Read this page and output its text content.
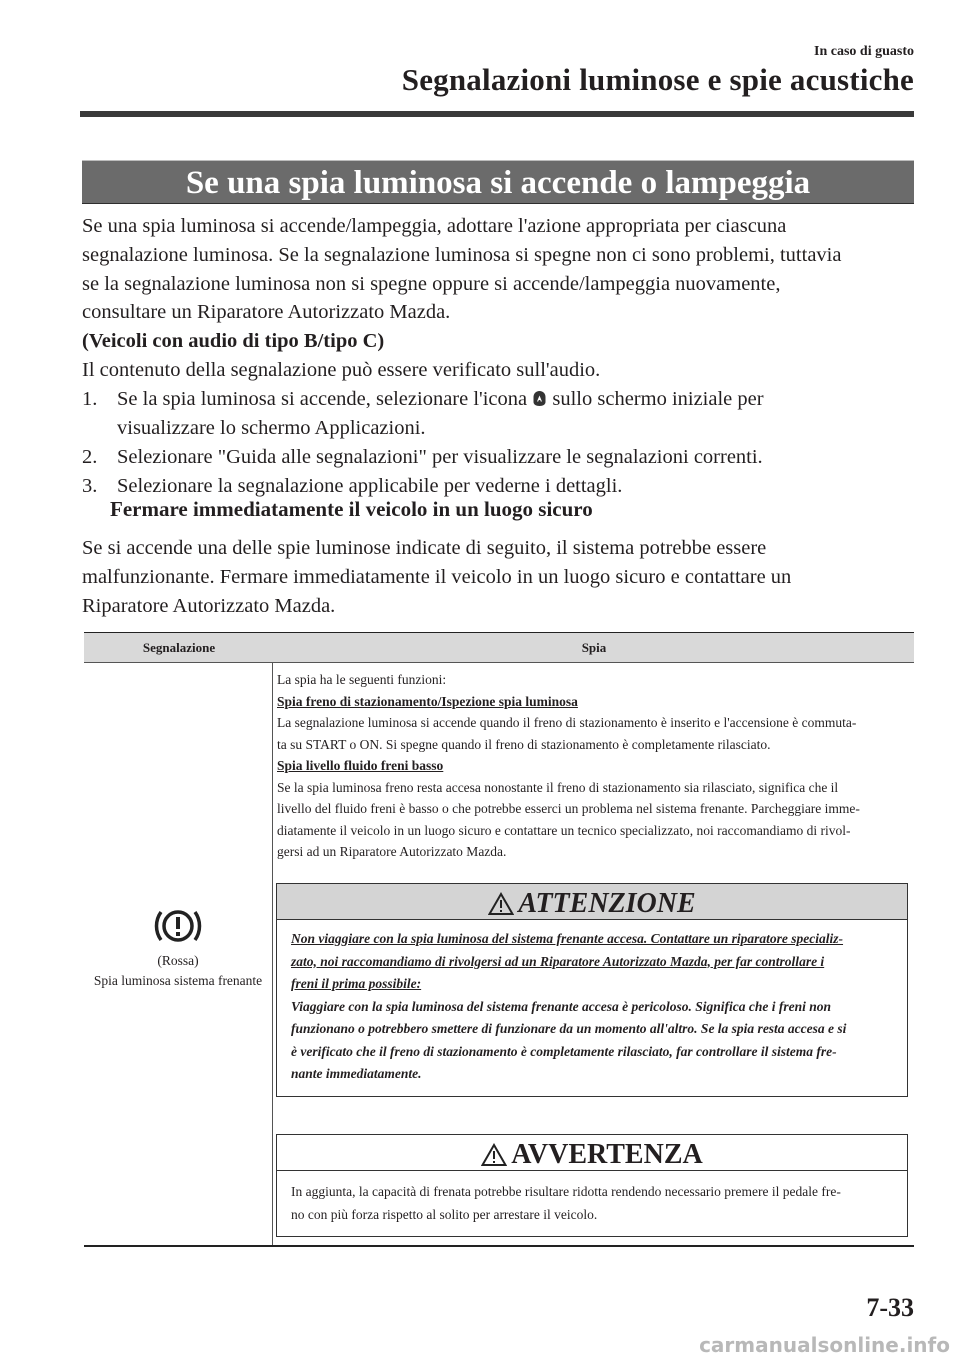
In caso di guasto
Segnalazioni luminose e spie acustiche
Se una spia luminosa si accende o lampeggia
Se una spia luminosa si accende/lampeggia, adottare l'azione appropriata per ciascuna
segnalazione luminosa. Se la segnalazione luminosa si spegne non ci sono problemi, tuttavia
se la segnalazione luminosa non si spegne oppure si accende/lampeggia nuovamente,
consultare un Riparatore Autorizzato Mazda.
(Veicoli con audio di tipo B/tipo C)
Il contenuto della segnalazione può essere verificato sull'audio.
1. Se la spia luminosa si accende, selezionare l'icona sullo schermo iniziale per
visualizzare lo schermo Applicazioni.
2. Selezionare "Guida alle segnalazioni" per visualizzare le segnalazioni correnti.
3. Selezionare la segnalazione applicabile per vederne i dettagli.
Fermare immediatamente il veicolo in un luogo sicuro
Se si accende una delle spie luminose indicate di seguito, il sistema potrebbe essere
malfunzionante. Fermare immediatamente il veicolo in un luogo sicuro e contattare un
Riparatore Autorizzato Mazda.
Segnalazione	Spia
(Rossa)
Spia luminosa sistema frenante
La spia ha le seguenti funzioni:
Spia freno di stazionamento/Ispezione spia luminosa
La segnalazione luminosa si accende quando il freno di stazionamento è inserito e l'accensione è commuta-
ta su START o ON. Si spegne quando il freno di stazionamento è completamente rilasciato.
Spia livello fluido freni basso
Se la spia luminosa freno resta accesa nonostante il freno di stazionamento sia rilasciato, significa che il
livello del fluido freni è basso o che potrebbe esserci un problema nel sistema frenante. Parcheggiare imme-
diatamente il veicolo in un luogo sicuro e contattare un tecnico specializzato, noi raccomandiamo di rivol-
gersi ad un Riparatore Autorizzato Mazda.
ATTENZIONE
Non viaggiare con la spia luminosa del sistema frenante accesa. Contattare un riparatore specializ-
zato, noi raccomandiamo di rivolgersi ad un Riparatore Autorizzato Mazda, per far controllare i
freni il prima possibile:
Viaggiare con la spia luminosa del sistema frenante accesa è pericoloso. Significa che i freni non
funzionano o potrebbero smettere di funzionare da un momento all'altro. Se la spia resta accesa e si
è verificato che il freno di stazionamento è completamente rilasciato, far controllare il sistema fre-
nante immediatamente.
AVVERTENZA
In aggiunta, la capacità di frenata potrebbe risultare ridotta rendendo necessario premere il pedale fre-
no con più forza rispetto al solito per arrestare il veicolo.
7-33
carmanualsonline.info
